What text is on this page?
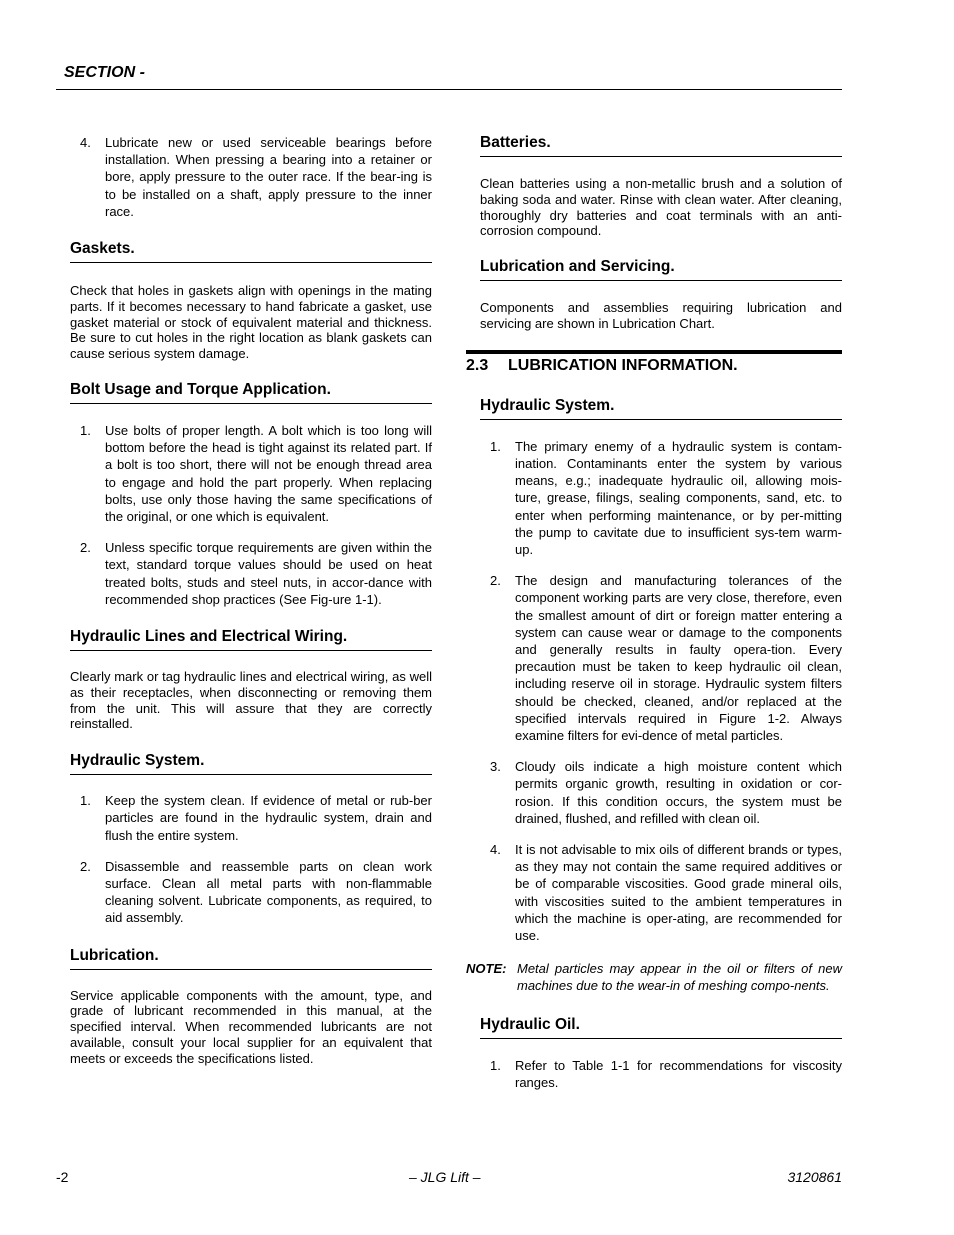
SECTION -
4.	Lubricate new or used serviceable bearings before installation. When pressing a bearing into a retainer or bore, apply pressure to the outer race. If the bear-ing is to be installed on a shaft, apply pressure to the inner race.
Gaskets.
Check that holes in gaskets align with openings in the mating parts. If it becomes necessary to hand fabricate a gasket, use gasket material or stock of equivalent material and thickness. Be sure to cut holes in the right location as blank gaskets can cause serious system damage.
Bolt Usage and Torque Application.
1.	Use bolts of proper length. A bolt which is too long will bottom before the head is tight against its related part. If a bolt is too short, there will not be enough thread area to engage and hold the part properly. When replacing bolts, use only those having the same specifications of the original, or one which is equivalent.
2.	Unless specific torque requirements are given within the text, standard torque values should be used on heat treated bolts, studs and steel nuts, in accor-dance with recommended shop practices (See Fig-ure 1-1).
Hydraulic Lines and Electrical Wiring.
Clearly mark or tag hydraulic lines and electrical wiring, as well as their receptacles, when disconnecting or removing them from the unit. This will assure that they are correctly reinstalled.
Hydraulic System.
1.	Keep the system clean. If evidence of metal or rub-ber particles are found in the hydraulic system, drain and flush the entire system.
2.	Disassemble and reassemble parts on clean work surface. Clean all metal parts with non-flammable cleaning solvent. Lubricate components, as required, to aid assembly.
Lubrication.
Service applicable components with the amount, type, and grade of lubricant recommended in this manual, at the specified interval. When recommended lubricants are not available, consult your local supplier for an equivalent that meets or exceeds the specifications listed.
Batteries.
Clean batteries using a non-metallic brush and a solution of baking soda and water. Rinse with clean water. After cleaning, thoroughly dry batteries and coat terminals with an anti-corrosion compound.
Lubrication and Servicing.
Components and assemblies requiring lubrication and servicing are shown in Lubrication Chart.
2.3 LUBRICATION INFORMATION.
Hydraulic System.
1.	The primary enemy of a hydraulic system is contam-ination. Contaminants enter the system by various means, e.g.; inadequate hydraulic oil, allowing mois-ture, grease, filings, sealing components, sand, etc. to enter when performing maintenance, or by per-mitting the pump to cavitate due to insufficient sys-tem warm-up.
2.	The design and manufacturing tolerances of the component working parts are very close, therefore, even the smallest amount of dirt or foreign matter entering a system can cause wear or damage to the components and generally results in faulty opera-tion. Every precaution must be taken to keep hydraulic oil clean, including reserve oil in storage. Hydraulic system filters should be checked, cleaned, and/or replaced at the specified intervals required in Figure 1-2. Always examine filters for evi-dence of metal particles.
3.	Cloudy oils indicate a high moisture content which permits organic growth, resulting in oxidation or cor-rosion. If this condition occurs, the system must be drained, flushed, and refilled with clean oil.
4.	It is not advisable to mix oils of different brands or types, as they may not contain the same required additives or be of comparable viscosities. Good grade mineral oils, with viscosities suited to the ambient temperatures in which the machine is oper-ating, are recommended for use.
NOTE: Metal particles may appear in the oil or filters of new machines due to the wear-in of meshing compo-nents.
Hydraulic Oil.
1.	Refer to Table 1-1 for recommendations for viscosity ranges.
-2	– JLG Lift –	3120861
